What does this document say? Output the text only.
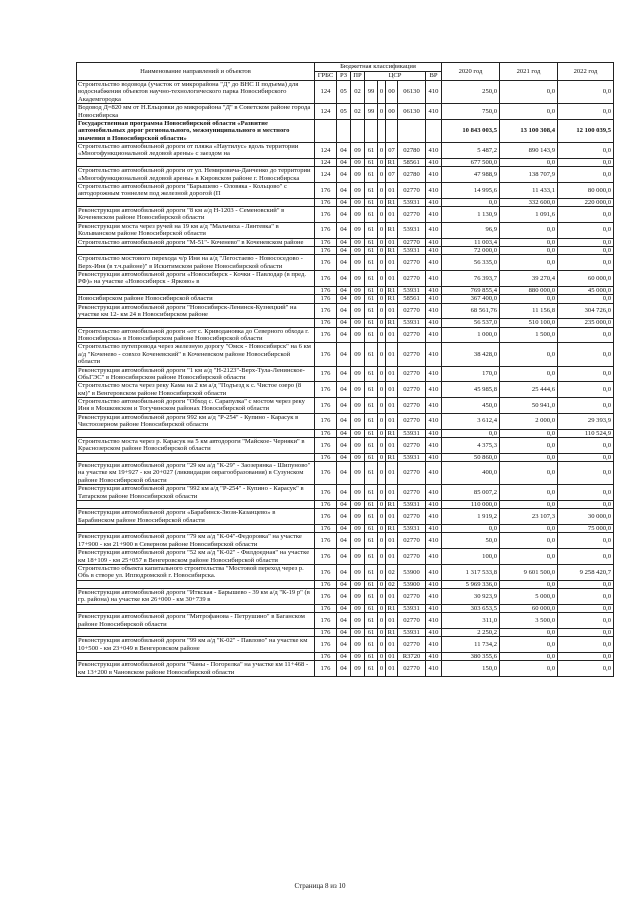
Наименование направлений и объектов	Бюджетная классификация								2020 год	2021 год	2022 год
	ГРБС	РЗ	ПР	ЦСР				ВР			
Строительство водовода (участок от микрорайона "Д" до ВНС II подъема) для водоснабжения объектов научно-технологического парка Новосибирского Академгородка	124	05	02	99	0	00	06130	410	250,0	0,0	0,0
Водовод Д=820 мм от Н.Ельцовки до микрорайона "Д" в Советском районе города Новосибирска	124	05	02	99	0	00	06130	410	750,0	0,0	0,0
Государственная программа Новосибирской области «Развитие автомобильных дорог регионального, межмуниципального и местного значения в Новосибирской области»									10 843 003,5	13 100 308,4	12 100 039,5
Строительство автомобильной дороги от пляжа «Наутилус» вдоль территории «Многофункциональной ледовой арены» с заездом на	124	04	09	61	0	07	02780	410	5 487,2	890 143,9	0,0
	124	04	09	61	0	R1	58561	410	677 500,0	0,0	0,0
Строительство автомобильной дороги от ул. Немировича-Данченко до территории «Многофункциональной ледовой арены» в Кировском районе г. Новосибирска	124	04	09	61	0	07	02780	410	47 988,9	138 707,9	0,0
Строительство автомобильной дороги "Барышево - Оловяка - Кольцово" с автодорожным тоннелем под железной дорогой (П	176	04	09	61	0	01	02770	410	14 995,6	11 433,1	80 000,0
	176	04	09	61	0	R1	53931	410	0,0	332 600,0	220 000,0
Реконструкция автомобильной дороги "8 км а/д Н-1203 - Семеновский" в Коченевском районе Новосибирской области	176	04	09	61	0	01	02770	410	1 130,9	1 091,6	0,0
Реконструкция моста через ручей на 19 км а/д "Мальчиха - Лянтевка" в Колыванском районе Новосибирской области	176	04	09	61	0	R1	53931	410	96,9	0,0	0,0
Строительство автомобильной дороги "М-51"- Коченево" в Коченевском районе	176	04	09	61	0	01	02770	410	11 003,4	0,0	0,0
	176	04	09	61	0	R1	53931	410	72 000,0	0,0	0,0
Строительство мостового перехода ч/р Иня на а/д "Легостаево - Новососедово - Верх-Иня (в т.ч.районе)" в Искитимском районе Новосибирской области	176	04	09	61	0	01	02770	410	56 335,0	0,0	0,0
Реконструкция автомобильной дороги «Новосибирск - Кочки - Павлодар (в пред. РФ)» на участке «Новосибирск - Ярково» в	176	04	09	61	0	01	02770	410	76 393,7	39 270,4	60 000,0
	176	04	09	61	0	R1	53931	410	769 855,4	880 000,0	45 000,0
Новосибирском районе Новосибирской области	176	04	09	61	0	R1	58561	410	367 400,0	0,0	0,0
Реконструкция автомобильной дороги "Новосибирск-Ленинск-Кузнецкий" на участке км 12- км 24 в Новосибирском районе	176	04	09	61	0	01	02770	410	68 561,76	11 156,8	304 726,0
	176	04	09	61	0	R1	53931	410	56 537,0	510 100,0	235 000,0
Строительство автомобильной дороги «от с. Криводановка до Северного обхода г. Новосибирска» в Новосибирском районе Новосибирской области	176	04	09	61	0	01	02770	410	1 000,0	1 500,0	0,0
Строительство путепровода через железную дорогу "Омск - Новосибирск" на 6 км а/д "Коченево - совхоз Коченевский" в Коченевском районе Новосибирской области	176	04	09	61	0	01	02770	410	38 428,0	0,0	0,0
Реконструкция автомобильной дороги "1 км а/д "Н-2123"-Верх-Тула-Ленинское-ОбьГЭС" в Новосибирском районе Новосибирской области	176	04	09	61	0	01	02770	410	170,0	0,0	0,0
Строительство моста через реку Кама на 2 км а/д "Подъезд к с. Чистое озеро (8 км)" в Венгеровском районе Новосибирской области	176	04	09	61	0	01	02770	410	45 985,8	25 444,6	0,0
Строительство автомобильной дороги "Обход с. Сарапулка" с мостом через реку Иня в Мошковском и Тогучинском районах Новосибирской области	176	04	09	61	0	01	02770	410	450,0	50 941,0	0,0
Реконструкция автомобильной дороги 992 км а/д "Р-254" - Купино - Карасук в Чистоозерном районе Новосибирской области	176	04	09	61	0	01	02770	410	3 612,4	2 000,0	29 393,9
	176	04	09	61	0	R1	53931	410	0,0	0,0	110 524,9
Строительство моста через р. Карасук на 5 км автодороги "Майское- Черняки" в Краснозерском районе Новосибирской области	176	04	09	61	0	01	02770	410	4 375,3	0,0	0,0
	176	04	09	61	0	R1	53931	410	50 860,0	0,0	0,0
Реконструкция автомобильной дороги "29 км а/д "К-29" - Заозерянка - Шипуново" на участке км 19+927 - км 20+027 (ликвидация оврагообразования) в Сузунском районе Новосибирской области	176	04	09	61	0	01	02770	410	400,0	0,0	0,0
Реконструкция автомобильной дороги "992 км а/д "Р-254" - Купино - Карасук" в Татарском районе Новосибирской области	176	04	09	61	0	01	02770	410	85 007,2	0,0	0,0
	176	04	09	61	0	R1	53931	410	110 000,0	0,0	0,0
Реконструкция автомобильной дороги «Барабинск-Зюзя-Казанцево» в Барабинском районе Новосибирской области	176	04	09	61	0	01	02770	410	1 919,2	23 107,3	30 000,0
	176	04	09	61	0	R1	53931	410	0,0	0,0	75 000,0
Реконструкция автомобильной дороги "79 км а/д "К-04"-Федоровка" на участке 17+900 - км 21+900 в Северном районе Новосибирской области	176	04	09	61	0	01	02770	410	50,0	0,0	0,0
Реконструкция автомобильной дороги "52 км а/д "К-02" - Филдоедная" на участке км 18+109 - км 25+057 в Венгеровском районе Новосибирской области	176	04	09	61	0	01	02770	410	100,0	0,0	0,0
Строительство объекта капитального строительства "Мостовой переход через р. Обь в створе ул. Ипподромской г. Новосибирска.	176	04	09	61	0	02	53900	410	1 317 533,8	9 601 500,0	9 258 420,7
	176	04	09	61	0	02	53900	410	5 969 336,0	0,0	0,0
Реконструкция автомобильной дороги "Иткская - Барышево - 39 км а/д "К-19 р" (в гр. района) на участке км 26+000 - км 30+739 в	176	04	09	61	0	01	02770	410	30 923,9	5 000,0	0,0
	176	04	09	61	0	R1	53931	410	303 653,5	60 000,0	0,0
Реконструкция автомобильной дороги "Митрофанова - Петрушино" в Баганском районе Новосибирской области	176	04	09	61	0	01	02770	410	311,0	3 500,0	0,0
	176	04	09	61	0	R1	53931	410	2 250,2	0,0	0,0
Реконструкция автомобильной дороги "99 км а/д "К-02" - Павлово" на участке км 10+500 - км 23+049 в Венгеровском районе	176	04	09	61	0	01	02770	410	11 734,2	0,0	0,0
	176	04	09	61	0	01	R3720	410	380 355,6	0,0	0,0
Реконструкция автомобильной дороги "Чаны - Погорелка" на участке км 11+468 - км 13+200 в Чановском районе Новосибирской области	176	04	09	61	0	01	02770	410	150,0	0,0	0,0
Страница 8 из 10
